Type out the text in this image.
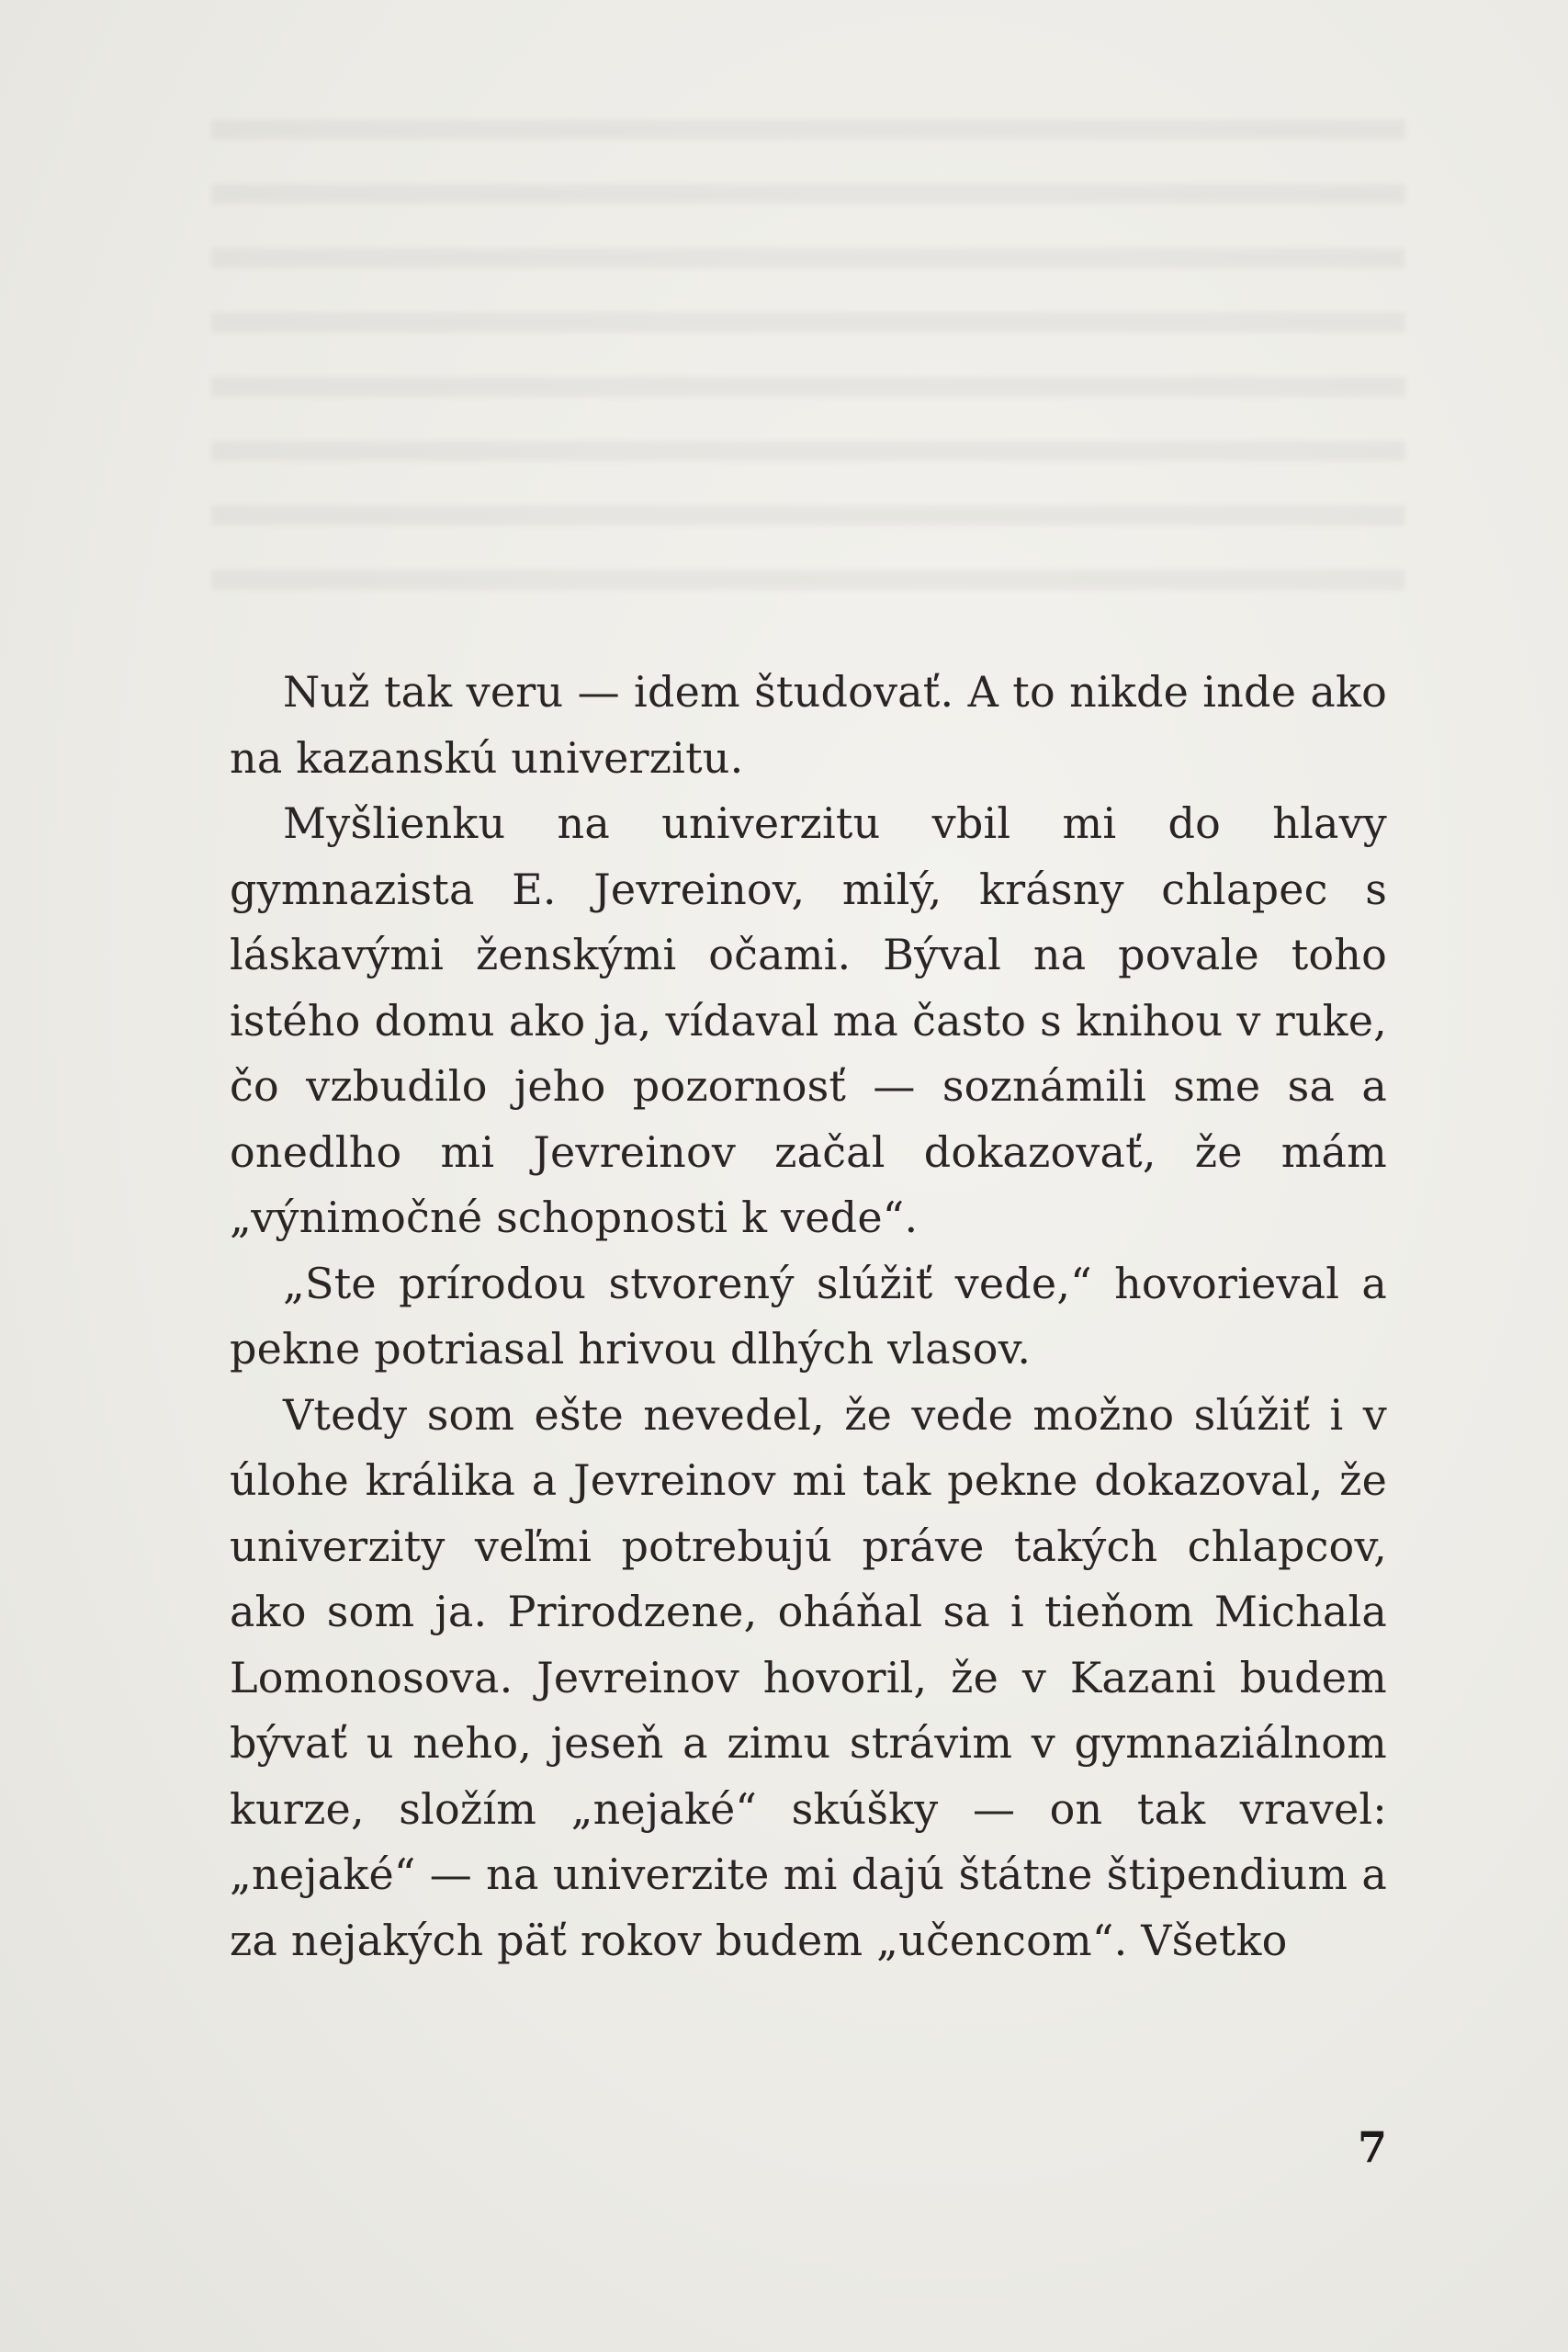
Nuž tak veru — idem študovať. A to nikde inde ako na kazanskú univerzitu.

Myšlienku na univerzitu vbil mi do hlavy gymnazista E. Jevreinov, milý, krásny chlapec s láskavými ženskými očami. Býval na povale toho istého domu ako ja, vídaval ma často s knihou v ruke, čo vzbudilo jeho pozornosť — soznámili sme sa a onedlho mi Jevreinov začal dokazovať, že mám „výnimočné schopnosti k vede“.

„Ste prírodou stvorený slúžiť vede,“ hovorieval a pekne potriasal hrivou dlhých vlasov.

Vtedy som ešte nevedel, že vede možno slúžiť i v úlohe králika a Jevreinov mi tak pekne dokazoval, že univerzity veľmi potrebujú práve takých chlapcov, ako som ja. Prirodzene, oháňal sa i tieňom Michala Lomonosova. Jevreinov hovoril, že v Kazani budem bývať u neho, jeseň a zimu strávim v gymnaziálnom kurze, složím „nejaké“ skúšky — on tak vravel: „nejaké“ — na univerzite mi dajú štátne štipendium a za nejakých päť rokov budem „učencom“. Všetko

7
